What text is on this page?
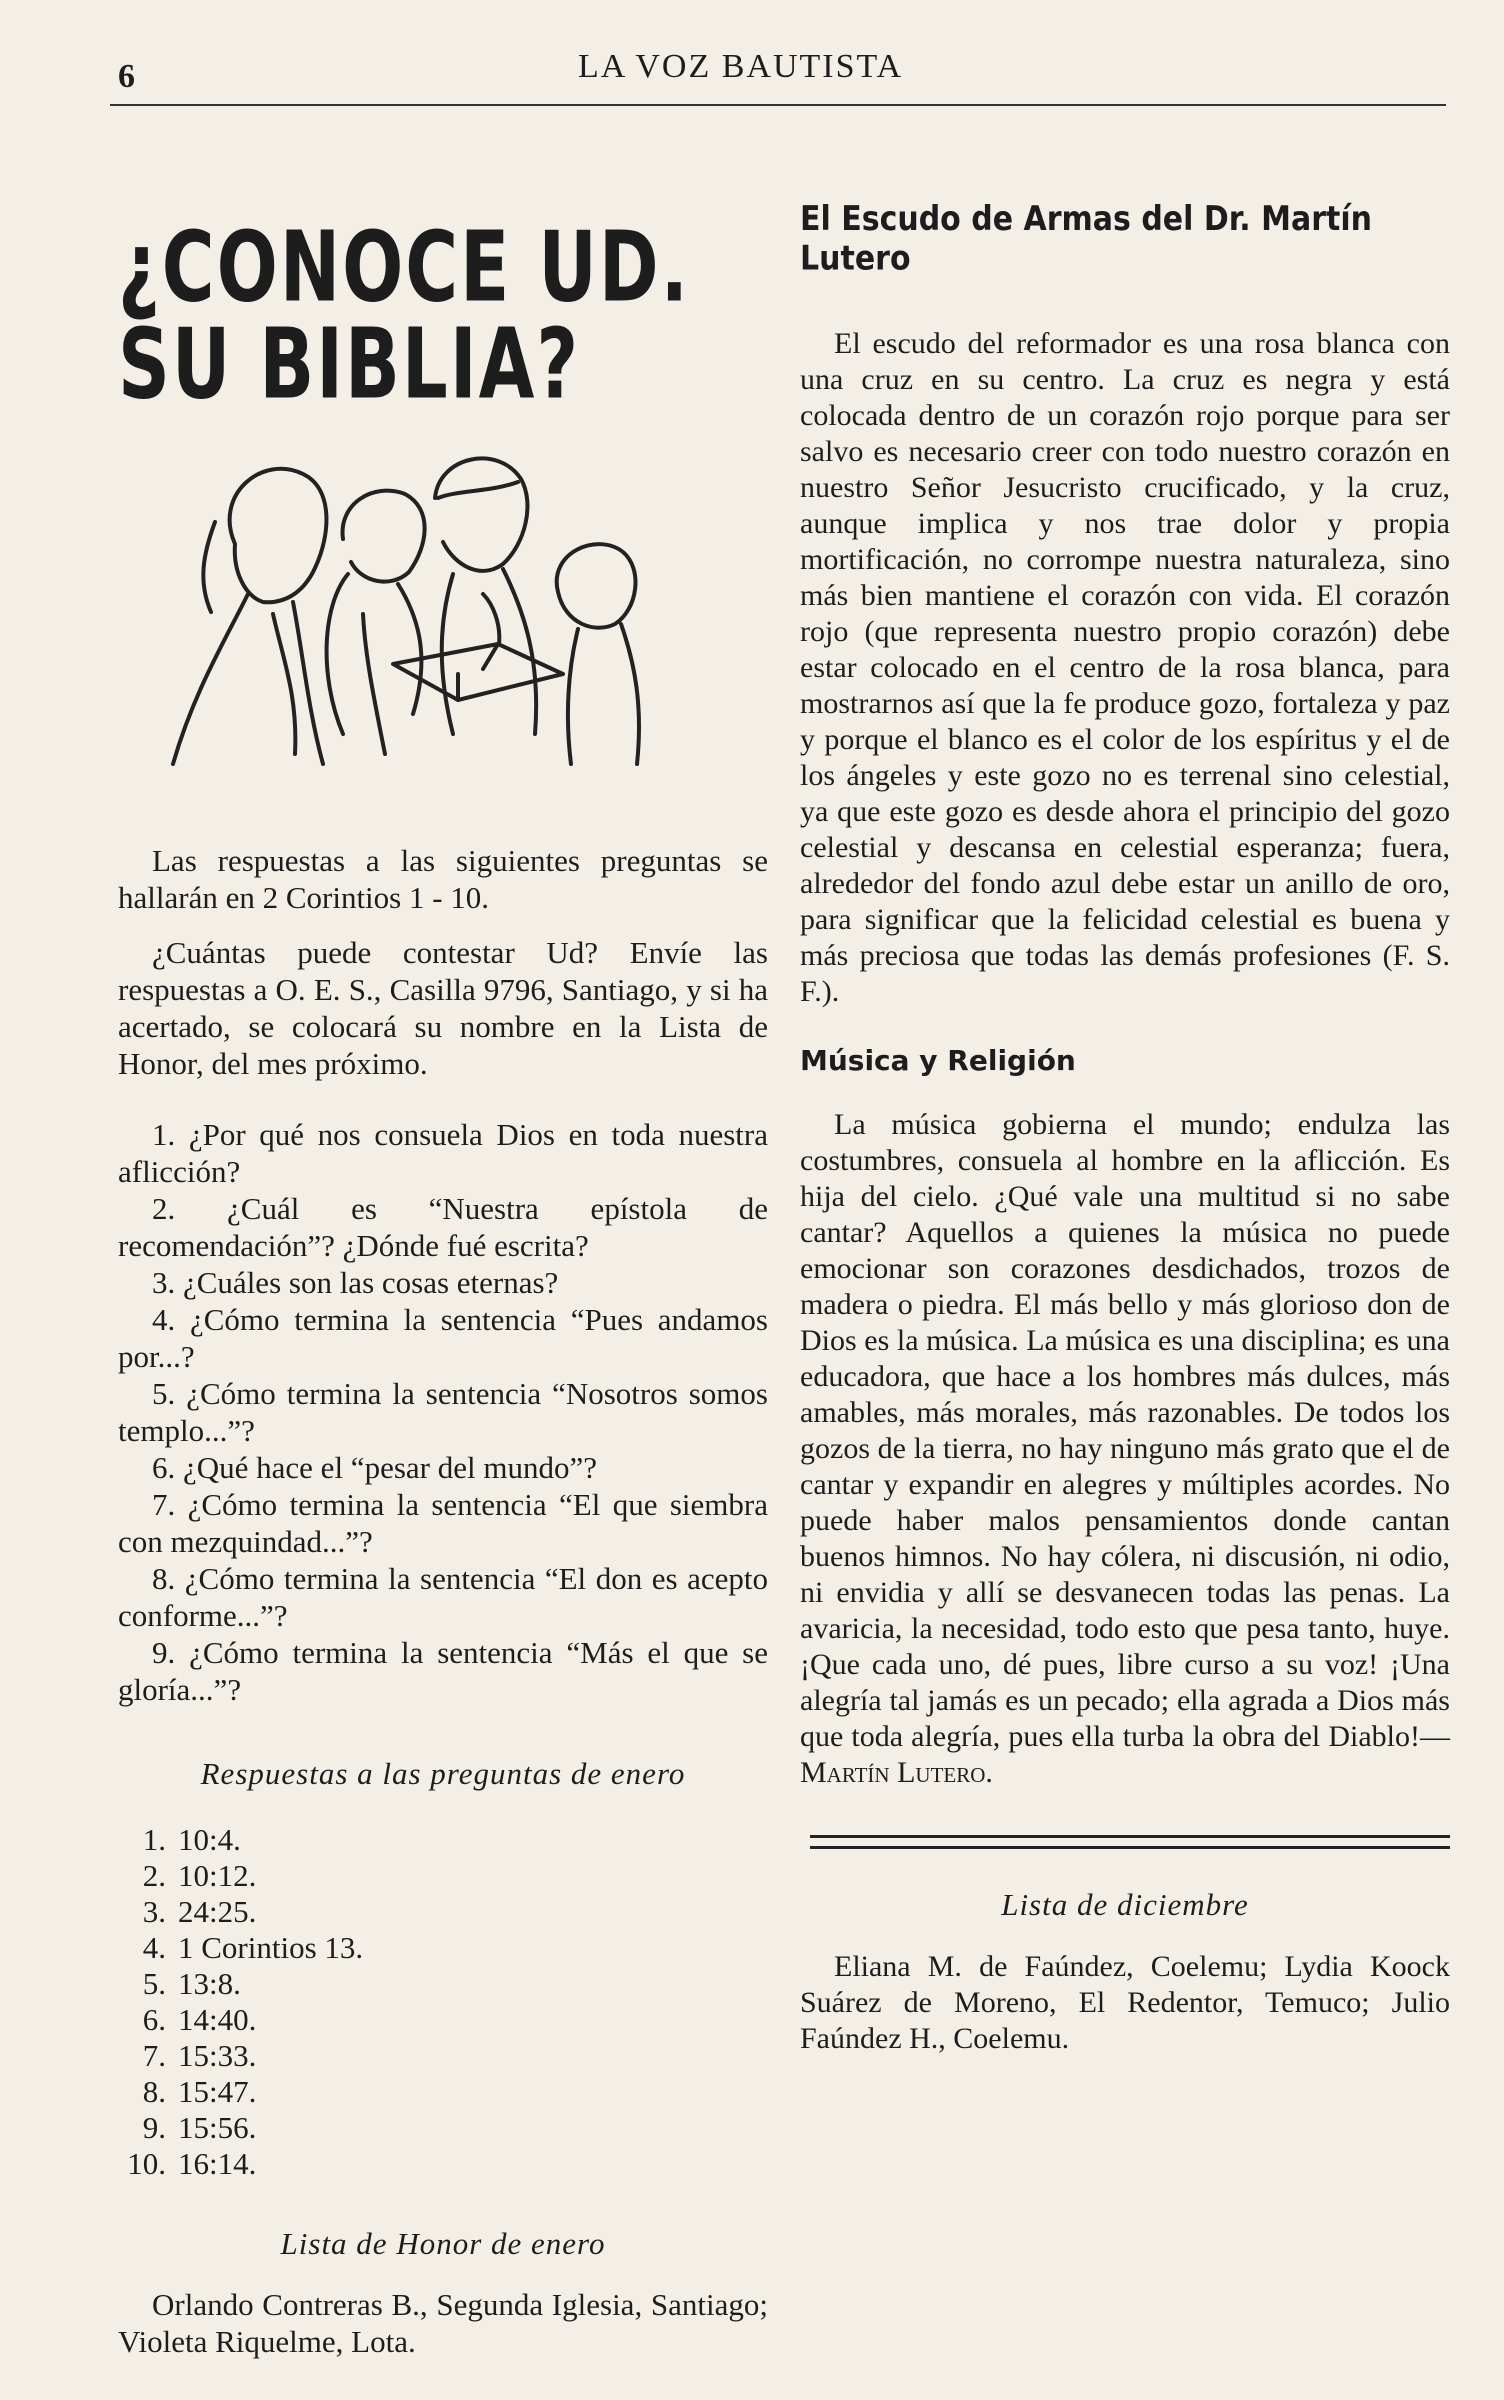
6	LA VOZ BAUTISTA
¿CONOCE UD. SU BIBLIA?

Las respuestas a las siguientes preguntas se hallarán en 2 Corintios 1 - 10.

¿Cuántas puede contestar Ud? Envíe las respuestas a O. E. S., Casilla 9796, Santiago, y si ha acertado, se colocará su nombre en la Lista de Honor, del mes próximo.

1. ¿Por qué nos consuela Dios en toda nuestra aflicción?
2. ¿Cuál es “Nuestra epístola de recomendación”? ¿Dónde fué escrita?
3. ¿Cuáles son las cosas eternas?
4. ¿Cómo termina la sentencia “Pues andamos por...?
5. ¿Cómo termina la sentencia “Nosotros somos templo...”?
6. ¿Qué hace el “pesar del mundo”?
7. ¿Cómo termina la sentencia “El que siembra con mezquindad...”?
8. ¿Cómo termina la sentencia “El don es acepto conforme...”?
9. ¿Cómo termina la sentencia “Más el que se gloría...”?
Respuestas a las preguntas de enero
1. 10:4.
2. 10:12.
3. 24:25.
4. 1 Corintios 13.
5. 13:8.
6. 14:40.
7. 15:33.
8. 15:47.
9. 15:56.
10. 16:14.
Lista de Honor de enero

Orlando Contreras B., Segunda Iglesia, Santiago; Violeta Riquelme, Lota.

El Escudo de Armas del Dr. Martín Lutero

El escudo del reformador es una rosa blanca con una cruz en su centro. La cruz es negra y está colocada dentro de un corazón rojo porque para ser salvo es necesario creer con todo nuestro corazón en nuestro Señor Jesucristo crucificado, y la cruz, aunque implica y nos trae dolor y propia mortificación, no corrompe nuestra naturaleza, sino más bien mantiene el corazón con vida. El corazón rojo (que representa nuestro propio corazón) debe estar colocado en el centro de la rosa blanca, para mostrarnos así que la fe produce gozo, fortaleza y paz y porque el blanco es el color de los espíritus y el de los ángeles y este gozo no es terrenal sino celestial, ya que este gozo es desde ahora el principio del gozo celestial y descansa en celestial esperanza; fuera, alrededor del fondo azul debe estar un anillo de oro, para significar que la felicidad celestial es buena y más preciosa que todas las demás profesiones (F. S. F.).

Música y Religión

La música gobierna el mundo; endulza las costumbres, consuela al hombre en la aflicción. Es hija del cielo. ¿Qué vale una multitud si no sabe cantar? Aquellos a quienes la música no puede emocionar son corazones desdichados, trozos de madera o piedra. El más bello y más glorioso don de Dios es la música. La música es una disciplina; es una educadora, que hace a los hombres más dulces, más amables, más morales, más razonables. De todos los gozos de la tierra, no hay ninguno más grato que el de cantar y expandir en alegres y múltiples acordes. No puede haber malos pensamientos donde cantan buenos himnos. No hay cólera, ni discusión, ni odio, ni envidia y allí se desvanecen todas las penas. La avaricia, la necesidad, todo esto que pesa tanto, huye. ¡Que cada uno, dé pues, libre curso a su voz! ¡Una alegría tal jamás es un pecado; ella agrada a Dios más que toda alegría, pues ella turba la obra del Diablo!—Martín Lutero.

Lista de diciembre

Eliana M. de Faúndez, Coelemu; Lydia Koock Suárez de Moreno, El Redentor, Temuco; Julio Faúndez H., Coelemu.
